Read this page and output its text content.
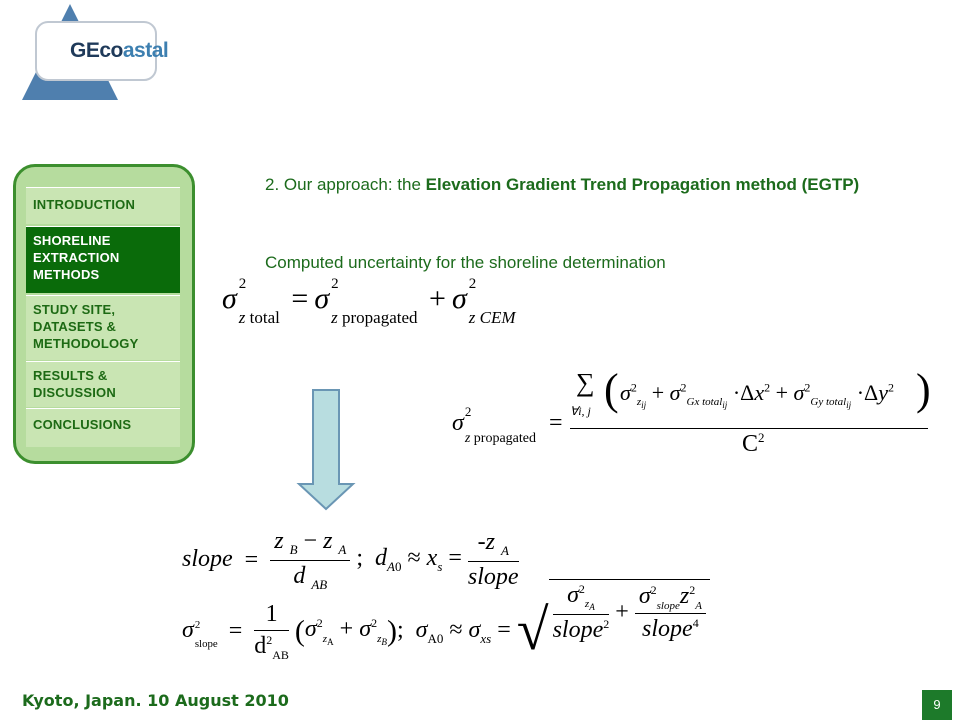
GEcoastal
INTRODUCTION
SHORELINE EXTRACTION METHODS
STUDY SITE, DATASETS & METHODOLOGY
RESULTS & DISCUSSION
CONCLUSIONS
2. Our approach: the Elevation Gradient Trend Propagation method (EGTP)
Computed uncertainty for the shoreline determination
σ 2
$_{z total}$ = σ 2
$_{z propagated}$ + σ 2
$_{z CEM}$
σ 2
$_{z propagated}$ =
∑
∀i, j ( $\sigma^2_{z_{ij}} + \sigma^2_{Gx total_{ij}} \cdot\Delta x^2 + \sigma^2_{Gy total_{ij}} \cdot\Delta y^2$ )
$C^2$
slope = $\frac{z _B - z _A}{d _{AB}}$ ;  $d_{A0} \approx x_s = \frac{-z _A}{\text{slope}}$
σ 2
$_{slope} = \frac{1}{d^2_{AB}} (\sigma^2_{z_A} + \sigma^2_{z_B})$;  $\sigma_{A0} \approx \sigma_{xs}$ = √ $\frac{\sigma^2_{z_A}}{slope^2} + \frac{\sigma^2_{slope}z^2_A}{slope^4}$
Kyoto, Japan. 10 August 2010	9
